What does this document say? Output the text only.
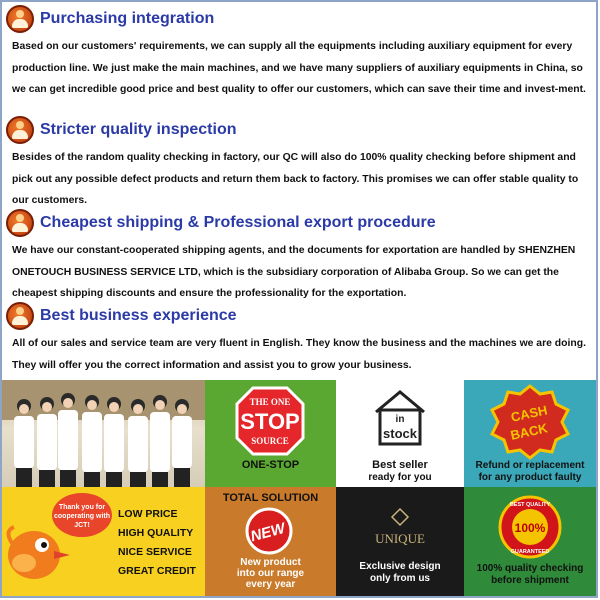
Purchasing integration
Based on our customers' requirements, we can supply all the equipments including auxiliary equipment for every production line. We just make the main machines, and we have many suppliers of auxiliary equipments in China, so we can get incredible good price and best quality to offer our customers, which can save their time and invest-ment.
Stricter quality inspection
Besides of the random quality checking in factory, our QC will also do 100% quality checking before shipment and pick out any possible defect products and return them back to factory. This promises we can offer stable quality to our customers.
Cheapest shipping & Professional export procedure
We have our constant-cooperated shipping agents, and the documents for exportation are handled by SHENZHEN ONETOUCH BUSINESS SERVICE LTD, which is the subsidiary corporation of Alibaba Group. So we can get the cheapest shipping discounts and ensure the professionality for the exportation.
Best business experience
All of our sales and service team are very fluent in English. They know the business and the machines we are doing. They will offer you the correct information and assist you to grow your business.
THE ONE
STOP
SOURCE
ONE-STOP
in
stock
Best seller
ready for you
CASH
BACK
Refund or replacement
for any product faulty
Thank you for
cooperating with
JCT!
LOW PRICE
HIGH QUALITY
NICE SERVICE
GREAT CREDIT
TOTAL SOLUTION
NEW
New product
into our range
every year
UNIQUE
Exclusive design
only from us
100%
BEST QUALITY
GUARANTEED
100% quality checking
before shipment
